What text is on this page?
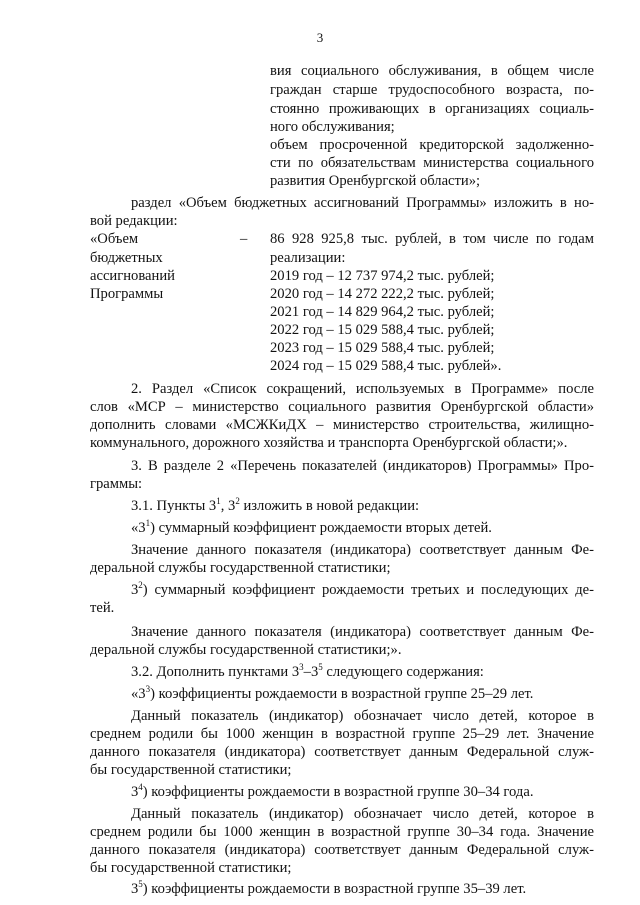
3
вия социального обслуживания, в общем числе
граждан старше трудоспособного возраста, по-
стоянно проживающих в организациях социаль-
ного обслуживания;
объем просроченной кредиторской задолженно-
сти по обязательствам министерства социального
развития Оренбургской области»;
раздел «Объем бюджетных ассигнований Программы» изложить в но-
вой редакции:
«Объем
бюджетных
ассигнований
Программы
–	86 928 925,8 тыс. рублей, в том числе по годам
реализации:
2019 год – 12 737 974,2 тыс. рублей;
2020 год – 14 272 222,2 тыс. рублей;
2021 год – 14 829 964,2 тыс. рублей;
2022 год – 15 029 588,4 тыс. рублей;
2023 год – 15 029 588,4 тыс. рублей;
2024 год – 15 029 588,4 тыс. рублей».
2. Раздел «Список сокращений, используемых в Программе» после
слов «МСР – министерство социального развития Оренбургской области»
дополнить словами «МСЖКиДХ – министерство строительства, жилищно-
коммунального, дорожного хозяйства и транспорта Оренбургской области;».
3. В разделе 2 «Перечень показателей (индикаторов) Программы» Про-
граммы:
3.1. Пункты $3^1$, $3^2$ изложить в новой редакции:
«$3^1$) суммарный коэффициент рождаемости вторых детей.
Значение данного показателя (индикатора) соответствует данным Фе-
деральной службы государственной статистики;
$3^2$) суммарный коэффициент рождаемости третьих и последующих де-
тей.
Значение данного показателя (индикатора) соответствует данным Фе-
деральной службы государственной статистики;».
3.2. Дополнить пунктами $3^3-3^5$ следующего содержания:
«$3^3$) коэффициенты рождаемости в возрастной группе 25–29 лет.
Данный показатель (индикатор) обозначает число детей, которое в
среднем родили бы 1000 женщин в возрастной группе 25–29 лет. Значение
данного показателя (индикатора) соответствует данным Федеральной служ-
бы государственной статистики;
$3^4$) коэффициенты рождаемости в возрастной группе 30–34 года.
Данный показатель (индикатор) обозначает число детей, которое в
среднем родили бы 1000 женщин в возрастной группе 30–34 года. Значение
данного показателя (индикатора) соответствует данным Федеральной служ-
бы государственной статистики;
$3^5$) коэффициенты рождаемости в возрастной группе 35–39 лет.
